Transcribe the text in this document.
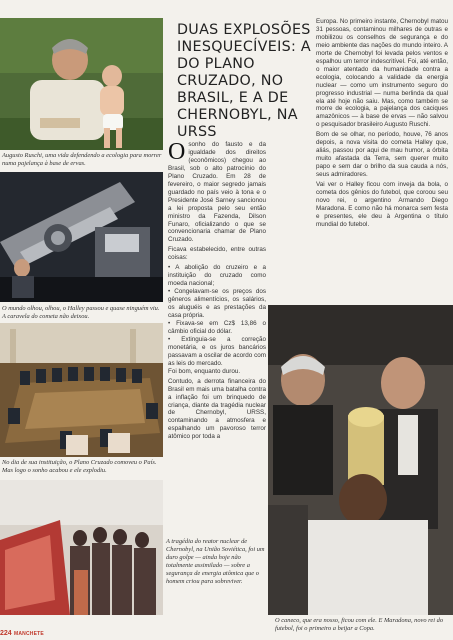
Augusto Ruschi, uma vida defendendo a ecologia para morrer numa pajelança à base de ervas.
O mundo olhou, olhou, o Halley passou e quase ninguém viu. A caravela do cometa não deixou.
No dia de sua instituição, o Plano Cruzado comoveu o País. Mas logo o sonho acabou e ele explodiu.
A tragédia do reator nuclear de Chernobyl, na União Soviética, foi um duro golpe — ainda hoje não totalmente assimilado — sobre a segurança de energia atômica que o homem criou para sobreviver.
DUAS EXPLOSÕES INESQUECÍVEIS: A DO PLANO CRUZADO, NO BRASIL, E A DE CHERNOBYL, NA URSS

Osonho do fausto e da igualdade dos direitos (econômicos) chegou ao Brasil, sob o alto patrocínio do Plano Cruzado. Em 28 de fevereiro, o maior segredo jamais guardado no país veio à tona e o Presidente José Sarney sancionou a lei proposta pelo seu então ministro da Fazenda, Dilson Funaro, oficializando o que se convencionaria chamar de Plano Cruzado.

Ficava estabelecido, entre outras coisas:

• A abolição do cruzeiro e a instituição do cruzado como moeda nacional;
• Congelavam-se os preços dos gêneros alimentícios, os salários, os aluguéis e as prestações da casa própria.
• Fixava-se em Cz$ 13,86 o câmbio oficial do dólar.
• Extinguia-se a correção monetária, e os juros bancários passavam a oscilar de acordo com as leis do mercado.

Foi bom, enquanto durou.

Contudo, a derrota financeira do Brasil em mais uma batalha contra a inflação foi um brinquedo de criança, diante da tragédia nuclear de Chernobyl, URSS, contaminando a atmosfera e espalhando um pavoroso terror atômico por toda a

Europa. No primeiro instante, Chernobyl matou 31 pessoas, contaminou milhares de outras e mobilizou os conselhos de segurança e do meio ambiente das nações do mundo inteiro. A morte de Chernobyl foi levada pelos ventos e espalhou um terror indescritível. Foi, até então, o maior atentado da humanidade contra a ecologia, colocando a validade da energia nuclear — como um instrumento seguro do progresso industrial — numa berlinda da qual ela até hoje não saiu. Mas, como também se morre de ecologia, a pajelança dos caciques amazônicos — à base de ervas — não salvou o pesquisador brasileiro Augusto Ruschi.

Bom de se olhar, no período, houve, 76 anos depois, a nova visita do cometa Halley que, aliás, passou por aqui de mau humor, a órbita muito afastada da Terra, sem querer muito papo e sem dar o brilho da sua cauda a nós, seus admiradores.

Vai ver o Halley ficou com inveja da bola, o cometa dos gênios do futebol, que coroou seu novo rei, o argentino Armando Diego Maradona. E como não há monarca sem festa e presentes, ele deu à Argentina o título mundial do futebol.

O caneco, que era nosso, ficou com ele. E Maradona, novo rei do futebol, foi o primeiro a beijar a Copa.
224 MANCHETE
